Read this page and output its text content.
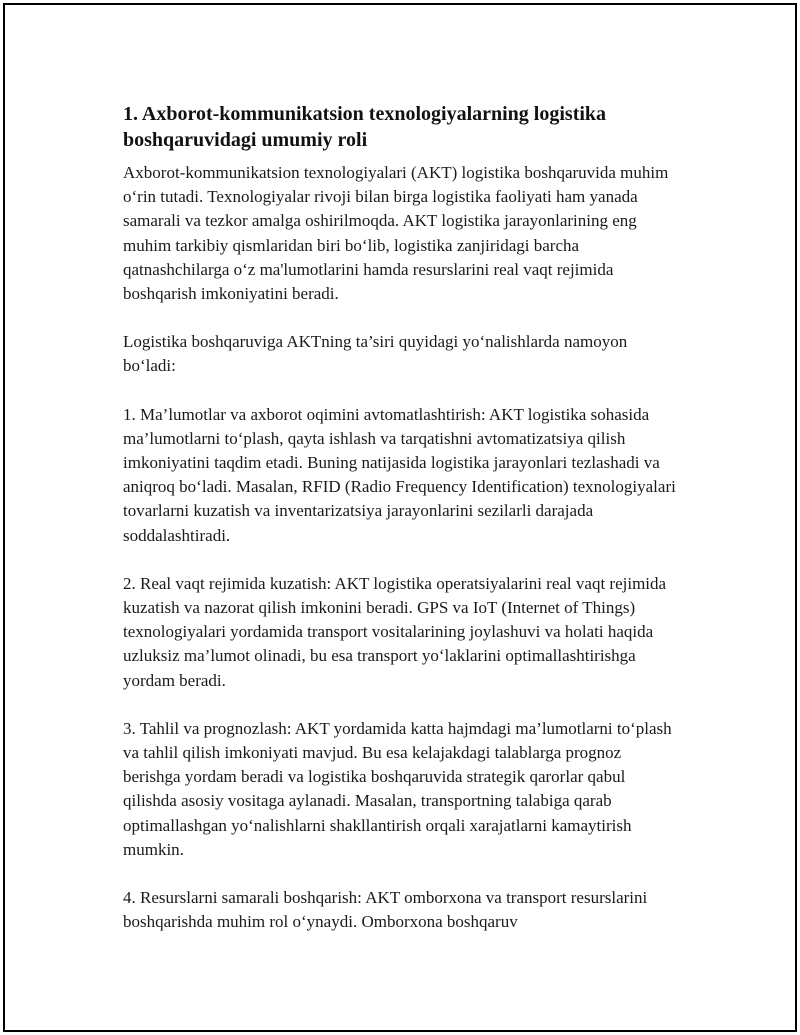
1. Axborot-kommunikatsion texnologiyalarning logistika boshqaruvidagi umumiy roli

Axborot-kommunikatsion texnologiyalari (AKT) logistika boshqaruvida muhim o‘rin tutadi. Texnologiyalar rivoji bilan birga logistika faoliyati ham yanada samarali va tezkor amalga oshirilmoqda. AKT logistika jarayonlarining eng muhim tarkibiy qismlaridan biri bo‘lib, logistika zanjiridagi barcha qatnashchilarga o‘z ma'lumotlarini hamda resurslarini real vaqt rejimida boshqarish imkoniyatini beradi.

Logistika boshqaruviga AKTning ta’siri quyidagi yo‘nalishlarda namoyon bo‘ladi:

1. Ma’lumotlar va axborot oqimini avtomatlashtirish: AKT logistika sohasida ma’lumotlarni to‘plash, qayta ishlash va tarqatishni avtomatizatsiya qilish imkoniyatini taqdim etadi. Buning natijasida logistika jarayonlari tezlashadi va aniqroq bo‘ladi. Masalan, RFID (Radio Frequency Identification) texnologiyalari tovarlarni kuzatish va inventarizatsiya jarayonlarini sezilarli darajada soddalashtiradi.

2. Real vaqt rejimida kuzatish: AKT logistika operatsiyalarini real vaqt rejimida kuzatish va nazorat qilish imkonini beradi. GPS va IoT (Internet of Things) texnologiyalari yordamida transport vositalarining joylashuvi va holati haqida uzluksiz ma’lumot olinadi, bu esa transport yo‘laklarini optimallashtirishga yordam beradi.

3. Tahlil va prognozlash: AKT yordamida katta hajmdagi ma’lumotlarni to‘plash va tahlil qilish imkoniyati mavjud. Bu esa kelajakdagi talablarga prognoz berishga yordam beradi va logistika boshqaruvida strategik qarorlar qabul qilishda asosiy vositaga aylanadi. Masalan, transportning talabiga qarab optimallashgan yo‘nalishlarni shakllantirish orqali xarajatlarni kamaytirish mumkin.

4. Resurslarni samarali boshqarish: AKT omborxona va transport resurslarini boshqarishda muhim rol o‘ynaydi. Omborxona boshqaruv
